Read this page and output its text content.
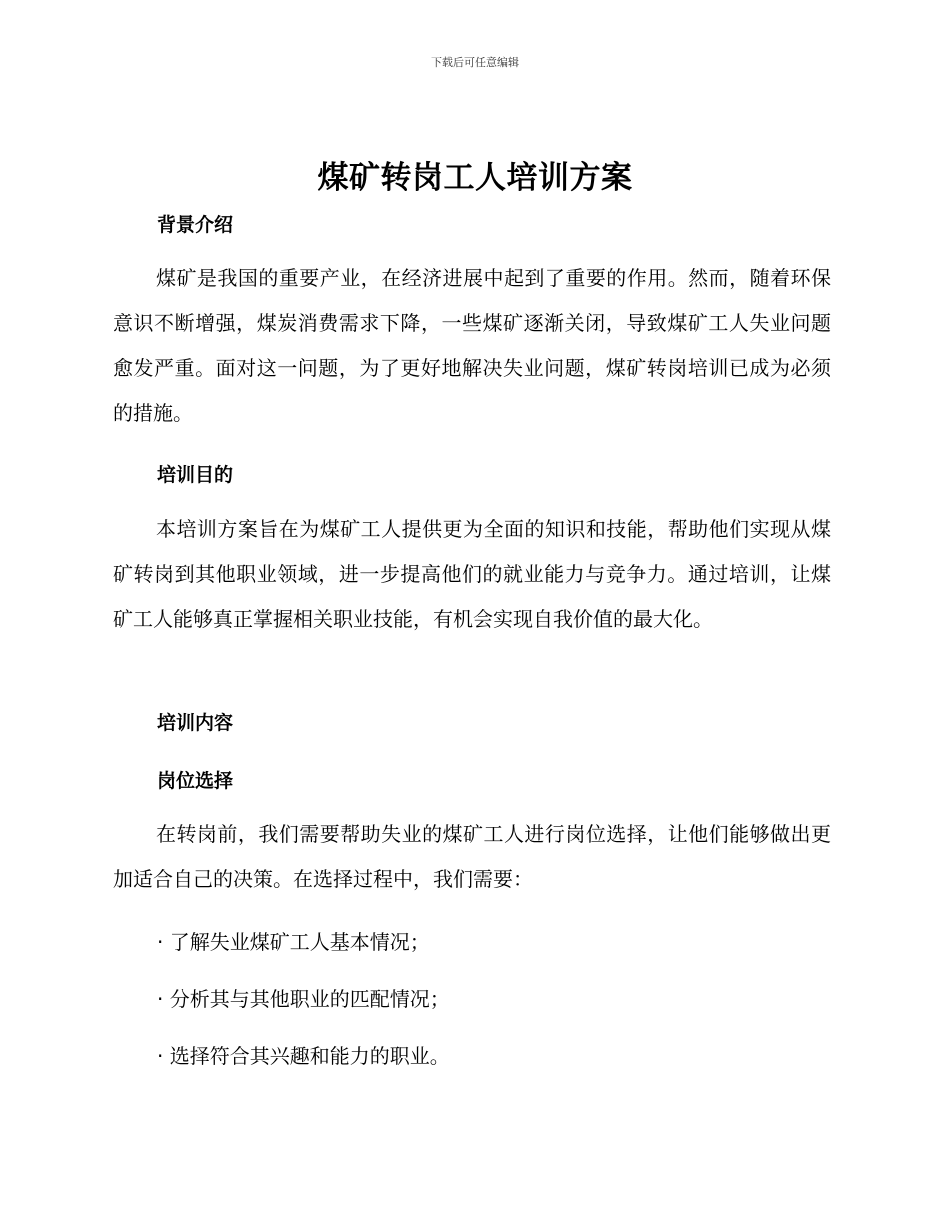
下载后可任意编辑
煤矿转岗工人培训方案
背景介绍

煤矿是我国的重要产业，在经济进展中起到了重要的作用。然而，随着环保意识不断增强，煤炭消费需求下降，一些煤矿逐渐关闭，导致煤矿工人失业问题愈发严重。面对这一问题，为了更好地解决失业问题，煤矿转岗培训已成为必须的措施。

培训目的

本培训方案旨在为煤矿工人提供更为全面的知识和技能，帮助他们实现从煤矿转岗到其他职业领域，进一步提高他们的就业能力与竞争力。通过培训，让煤矿工人能够真正掌握相关职业技能，有机会实现自我价值的最大化。

培训内容
岗位选择

在转岗前，我们需要帮助失业的煤矿工人进行岗位选择，让他们能够做出更加适合自己的决策。在选择过程中，我们需要：

· 了解失业煤矿工人基本情况；
· 分析其与其他职业的匹配情况；
· 选择符合其兴趣和能力的职业。
